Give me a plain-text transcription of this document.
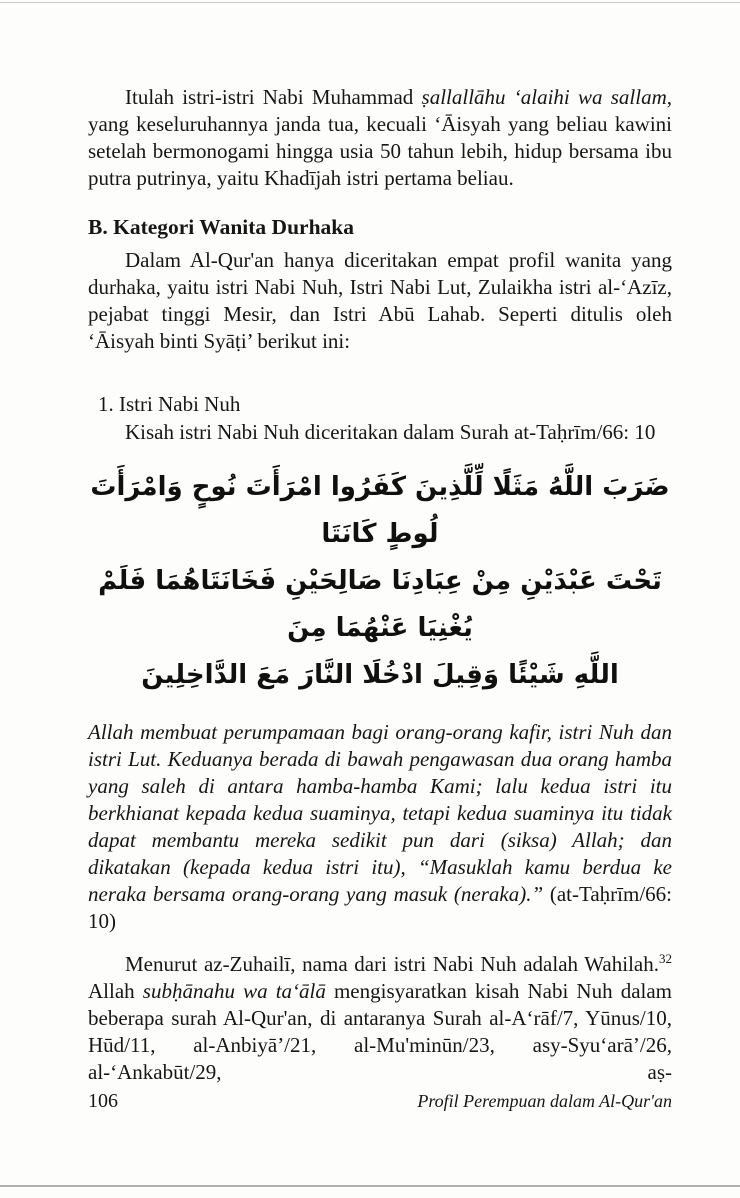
Itulah istri-istri Nabi Muhammad ṣallallāhu ‘alaihi wa sallam, yang keseluruhannya janda tua, kecuali ‘Āisyah yang beliau kawini setelah bermonogami hingga usia 50 tahun lebih, hidup bersama ibu putra putrinya, yaitu Khadījah istri pertama beliau.

B. Kategori Wanita Durhaka

Dalam Al-Qur'an hanya diceritakan empat profil wanita yang durhaka, yaitu istri Nabi Nuh, Istri Nabi Lut, Zulaikha istri al-‘Azīz, pejabat tinggi Mesir, dan Istri Abū Lahab. Seperti ditulis oleh ‘Āisyah binti Syāṭi’ berikut ini:

1. Istri Nabi Nuh

Kisah istri Nabi Nuh diceritakan dalam Surah at-Taḥrīm/66: 10

ضَرَبَ اللَّهُ مَثَلًا لِّلَّذِينَ كَفَرُوا امْرَأَتَ نُوحٍ وَامْرَأَتَ لُوطٍ كَانَتَا
تَحْتَ عَبْدَيْنِ مِنْ عِبَادِنَا صَالِحَيْنِ فَخَانَتَاهُمَا فَلَمْ يُغْنِيَا عَنْهُمَا مِنَ
اللَّهِ شَيْئًا وَقِيلَ ادْخُلَا النَّارَ مَعَ الدَّاخِلِينَ

Allah membuat perumpamaan bagi orang-orang kafir, istri Nuh dan istri Lut. Keduanya berada di bawah pengawasan dua orang hamba yang saleh di antara hamba-hamba Kami; lalu kedua istri itu berkhianat kepada kedua suaminya, tetapi kedua suaminya itu tidak dapat membantu mereka sedikit pun dari (siksa) Allah; dan dikatakan (kepada kedua istri itu), “Masuklah kamu berdua ke neraka bersama orang-orang yang masuk (neraka).” (at-Taḥrīm/66: 10)

Menurut az-Zuhailī, nama dari istri Nabi Nuh adalah Wahilah.$^{32}$ Allah subḥānahu wa ta‘ālā mengisyaratkan kisah Nabi Nuh dalam beberapa surah Al-Qur'an, di antaranya Surah al-A‘rāf/7, Yūnus/10, Hūd/11, al-Anbiyā’/21, al-Mu'minūn/23, asy-Syu‘arā’/26, al-‘Ankabūt/29, aṣ-

106	Profil Perempuan dalam Al-Qur'an
